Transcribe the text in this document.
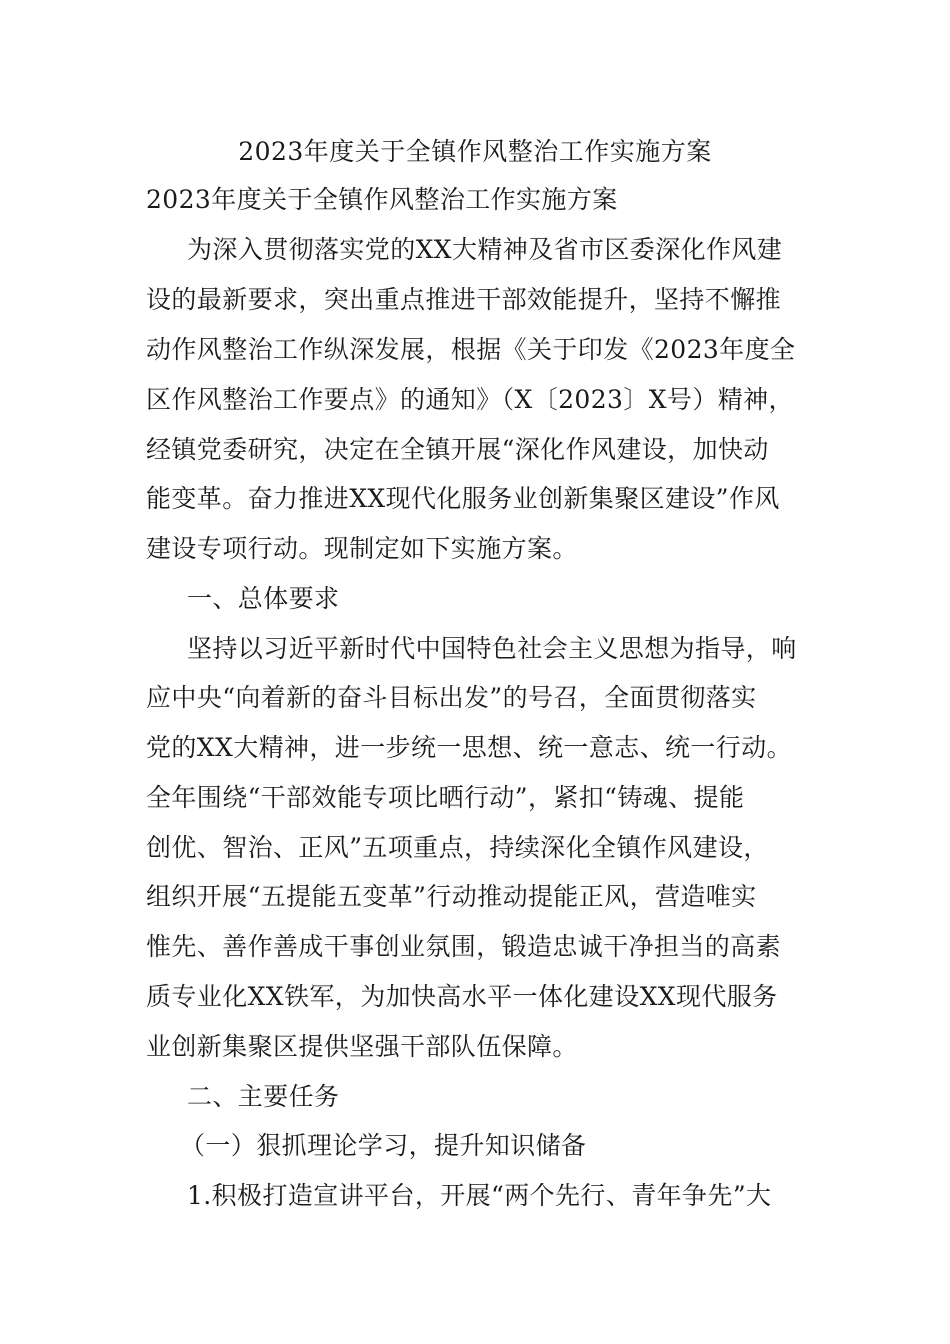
2023年度关于全镇作风整治工作实施方案
2023年度关于全镇作风整治工作实施方案
为深入贯彻落实党的XX大精神及省市区委深化作风建
设的最新要求，突出重点推进干部效能提升，坚持不懈推
动作风整治工作纵深发展，根据《关于印发《2023年度全
区作风整治工作要点》的通知》（X〔2023〕X号）精神，
经镇党委研究，决定在全镇开展“深化作风建设，加快动
能变革。奋力推进XX现代化服务业创新集聚区建设”作风
建设专项行动。现制定如下实施方案。
一、总体要求
坚持以习近平新时代中国特色社会主义思想为指导，响
应中央“向着新的奋斗目标出发”的号召，全面贯彻落实
党的XX大精神，进一步统一思想、统一意志、统一行动。
全年围绕“干部效能专项比晒行动”，紧扣“铸魂、提能
创优、智治、正风”五项重点，持续深化全镇作风建设，
组织开展“五提能五变革”行动推动提能正风，营造唯实
惟先、善作善成干事创业氛围，锻造忠诚干净担当的高素
质专业化XX铁军，为加快高水平一体化建设XX现代服务
业创新集聚区提供坚强干部队伍保障。
二、主要任务
（一）狠抓理论学习，提升知识储备
1.积极打造宣讲平台，开展“两个先行、青年争先”大
